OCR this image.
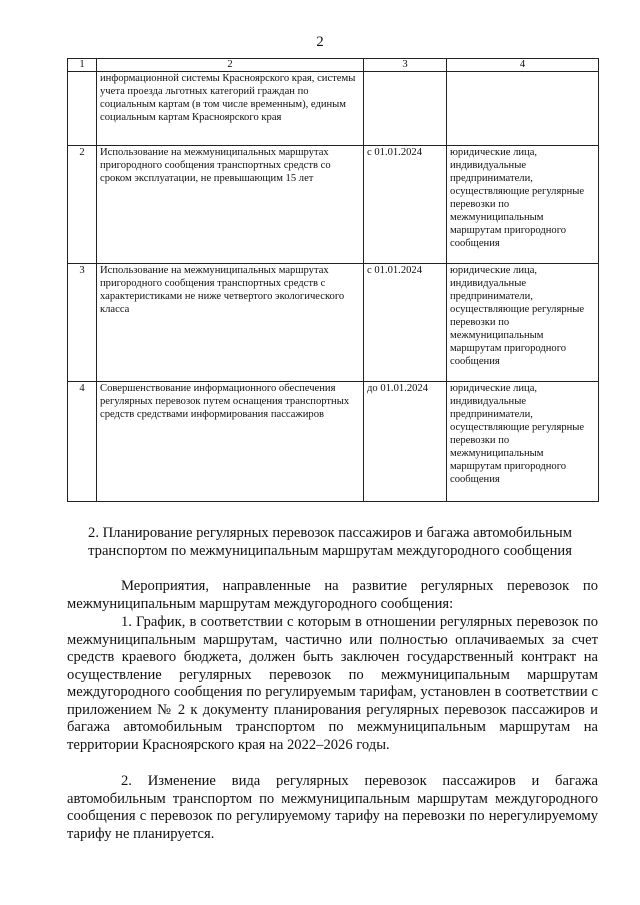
2
1	2	3	4
	информационной системы Красноярского края, системы учета проезда льготных категорий граждан по социальным картам (в том числе временным), единым социальным картам Красноярского края		
2	Использование на межмуниципальных маршрутах пригородного сообщения транспортных средств со сроком эксплуатации, не превышающим 15 лет	с 01.01.2024	юридические лица, индивидуальные предприниматели, осуществляющие регулярные перевозки по межмуниципальным маршрутам пригородного сообщения
3	Использование на межмуниципальных маршрутах пригородного сообщения транспортных средств с характеристиками не ниже четвертого экологического класса	с 01.01.2024	юридические лица, индивидуальные предприниматели, осуществляющие регулярные перевозки по межмуниципальным маршрутам пригородного сообщения
4	Совершенствование информационного обеспечения регулярных перевозок путем оснащения транспортных средств средствами информирования пассажиров	до 01.01.2024	юридические лица, индивидуальные предприниматели, осуществляющие регулярные перевозки по межмуниципальным маршрутам пригородного сообщения
2. Планирование регулярных перевозок пассажиров и багажа автомобильным
транспортом по межмуниципальным маршрутам междугородного сообщения

Мероприятия, направленные на развитие регулярных перевозок по межмуниципальным маршрутам междугородного сообщения:

1. График, в соответствии с которым в отношении регулярных перевозок по межмуниципальным маршрутам, частично или полностью оплачиваемых за счет средств краевого бюджета, должен быть заключен государственный контракт на осуществление регулярных перевозок по межмуниципальным маршрутам междугородного сообщения по регулируемым тарифам, установлен в соответствии с приложением № 2 к документу планирования регулярных перевозок пассажиров и багажа автомобильным транспортом по межмуниципальным маршрутам на территории Красноярского края на 2022–2026 годы.

2. Изменение вида регулярных перевозок пассажиров и багажа автомобильным транспортом по межмуниципальным маршрутам междугородного сообщения с перевозок по регулируемому тарифу на перевозки по нерегулируемому тарифу не планируется.
